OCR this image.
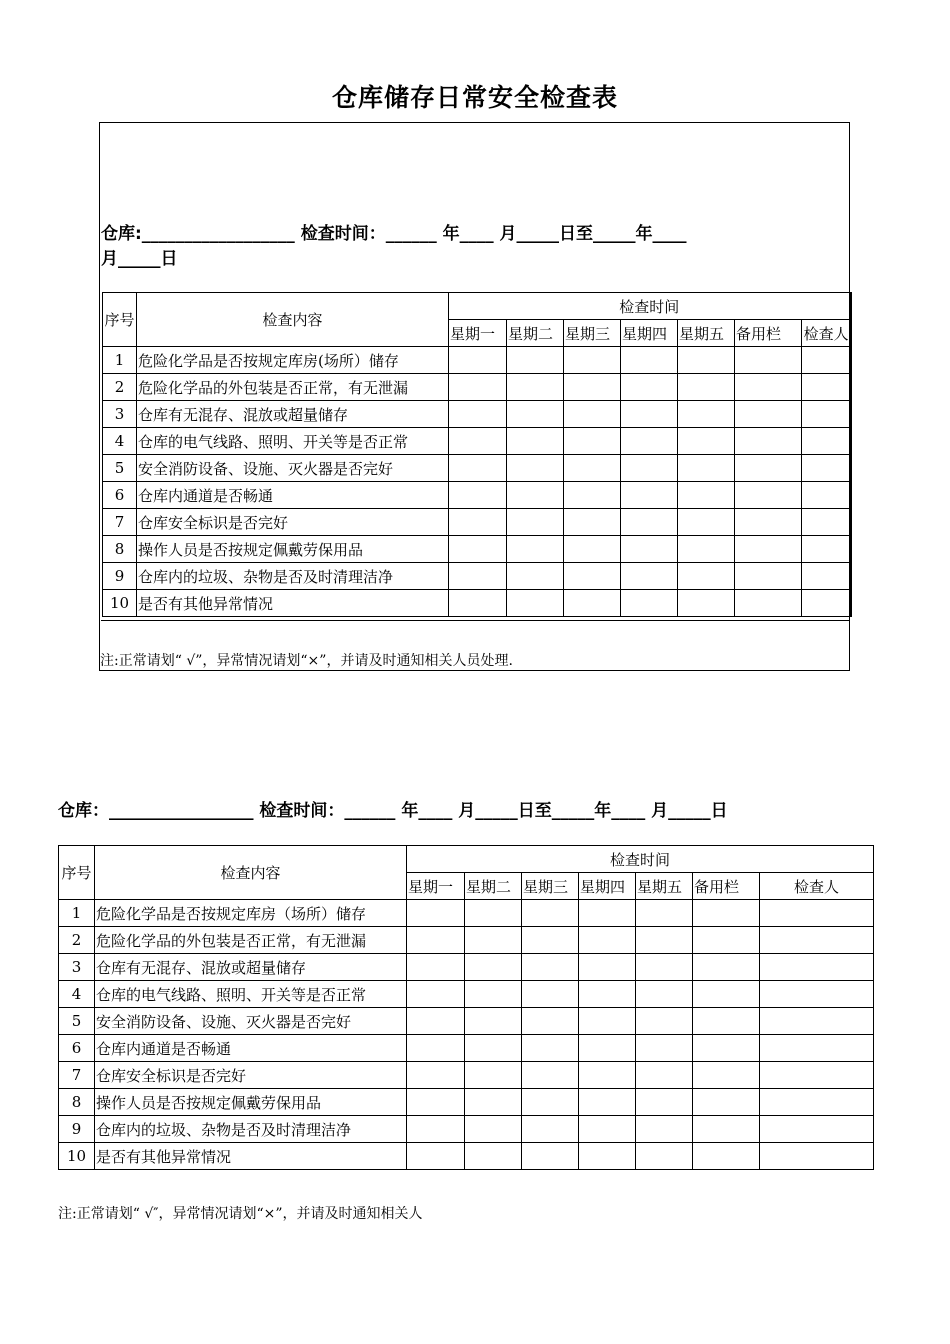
仓库储存日常安全检查表
仓库:__________________ 检查时间：______ 年____ 月_____日至_____年____
月_____日
序号	检查内容	检查时间						
		星期一	星期二	星期三	星期四	星期五	备用栏	检查人
1	危险化学品是否按规定库房(场所）储存							
2	危险化学品的外包装是否正常，有无泄漏							
3	仓库有无混存、混放或超量储存							
4	仓库的电气线路、照明、开关等是否正常							
5	安全消防设备、设施、灭火器是否完好							
6	仓库内通道是否畅通							
7	仓库安全标识是否完好							
8	操作人员是否按规定佩戴劳保用品							
9	仓库内的垃圾、杂物是否及时清理洁净							
10	是否有其他异常情况							
注:正常请划“ √”，异常情况请划“×”，并请及时通知相关人员处理.
仓库：_________________ 检查时间：______ 年____ 月_____日至_____年____ 月_____日
序号	检查内容	检查时间						
		星期一	星期二	星期三	星期四	星期五	备用栏	检查人
1	危险化学品是否按规定库房（场所）储存							
2	危险化学品的外包装是否正常，有无泄漏							
3	仓库有无混存、混放或超量储存							
4	仓库的电气线路、照明、开关等是否正常							
5	安全消防设备、设施、灭火器是否完好							
6	仓库内通道是否畅通							
7	仓库安全标识是否完好							
8	操作人员是否按规定佩戴劳保用品							
9	仓库内的垃圾、杂物是否及时清理洁净							
10	是否有其他异常情况							
注:正常请划“ √″，异常情况请划“×”，并请及时通知相关人
